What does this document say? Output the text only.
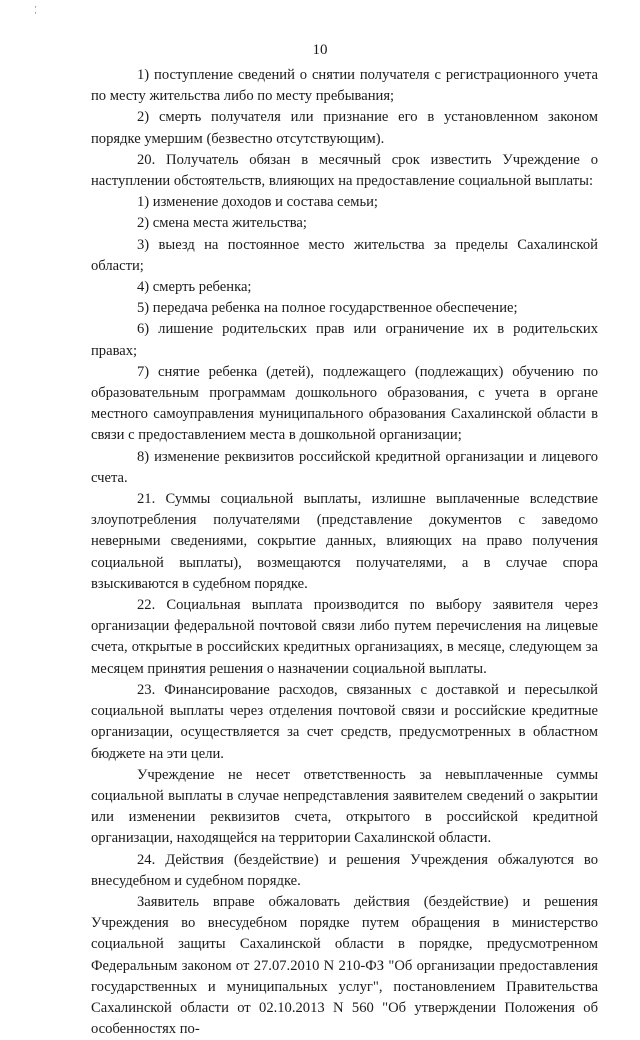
· ·
10

1) поступление сведений о снятии получателя с регистрационного учета по месту жительства либо по месту пребывания;

2) смерть получателя или признание его в установленном законом порядке умершим (безвестно отсутствующим).

20. Получатель обязан в месячный срок известить Учреждение о наступлении обстоятельств, влияющих на предоставление социальной выплаты:

1) изменение доходов и состава семьи;

2) смена места жительства;

3) выезд на постоянное место жительства за пределы Сахалинской области;

4) смерть ребенка;

5) передача ребенка на полное государственное обеспечение;

6) лишение родительских прав или ограничение их в родительских правах;

7) снятие ребенка (детей), подлежащего (подлежащих) обучению по образовательным программам дошкольного образования, с учета в органе местного самоуправления муниципального образования Сахалинской области в связи с предоставлением места в дошкольной организации;

8) изменение реквизитов российской кредитной организации и лицевого счета.

21. Суммы социальной выплаты, излишне выплаченные вследствие злоупотребления получателями (представление документов с заведомо неверными сведениями, сокрытие данных, влияющих на право получения социальной выплаты), возмещаются получателями, а в случае спора взыскиваются в судебном порядке.

22. Социальная выплата производится по выбору заявителя через организации федеральной почтовой связи либо путем перечисления на лицевые счета, открытые в российских кредитных организациях, в месяце, следующем за месяцем принятия решения о назначении социальной выплаты.

23. Финансирование расходов, связанных с доставкой и пересылкой социальной выплаты через отделения почтовой связи и российские кредитные организации, осуществляется за счет средств, предусмотренных в областном бюджете на эти цели.

Учреждение не несет ответственность за невыплаченные суммы социальной выплаты в случае непредставления заявителем сведений о закрытии или изменении реквизитов счета, открытого в российской кредитной организации, находящейся на территории Сахалинской области.

24. Действия (бездействие) и решения Учреждения обжалуются во внесудебном и судебном порядке.

Заявитель вправе обжаловать действия (бездействие) и решения Учреждения во внесудебном порядке путем обращения в министерство социальной защиты Сахалинской области в порядке, предусмотренном Федеральным законом от 27.07.2010 N 210-ФЗ "Об организации предоставления государственных и муниципальных услуг", постановлением Правительства Сахалинской области от 02.10.2013 N 560 "Об утверждении Положения об особенностях по-
